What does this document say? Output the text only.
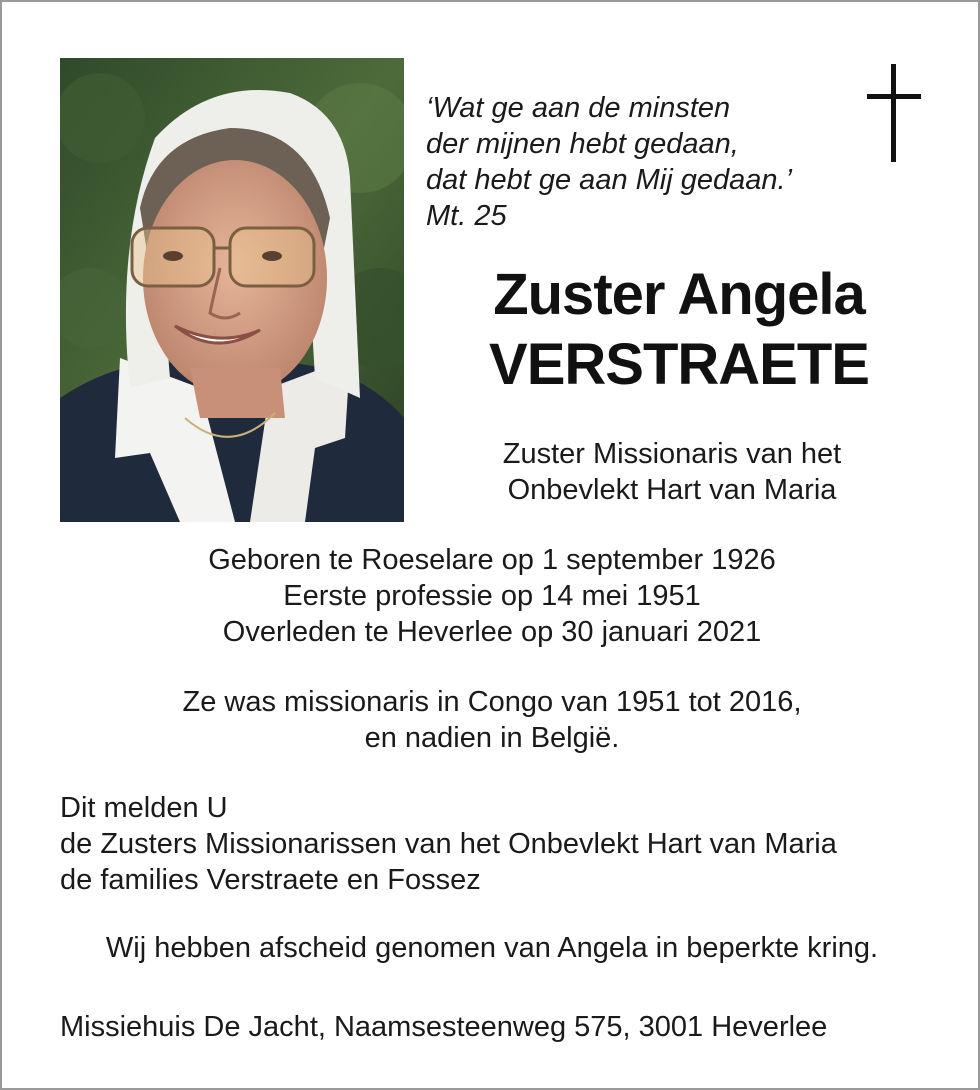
‘Wat ge aan de minsten
der mijnen hebt gedaan,
dat hebt ge aan Mij gedaan.’
Mt. 25
Zuster Angela
VERSTRAETE
Zuster Missionaris van het
Onbevlekt Hart van Maria
Geboren te Roeselare op 1 september 1926
Eerste professie op 14 mei 1951
Overleden te Heverlee op 30 januari 2021
Ze was missionaris in Congo van 1951 tot 2016,
en nadien in België.
Dit melden U
de Zusters Missionarissen van het Onbevlekt Hart van Maria
de families Verstraete en Fossez
Wij hebben afscheid genomen van Angela in beperkte kring.
Missiehuis De Jacht, Naamsesteenweg 575, 3001 Heverlee
